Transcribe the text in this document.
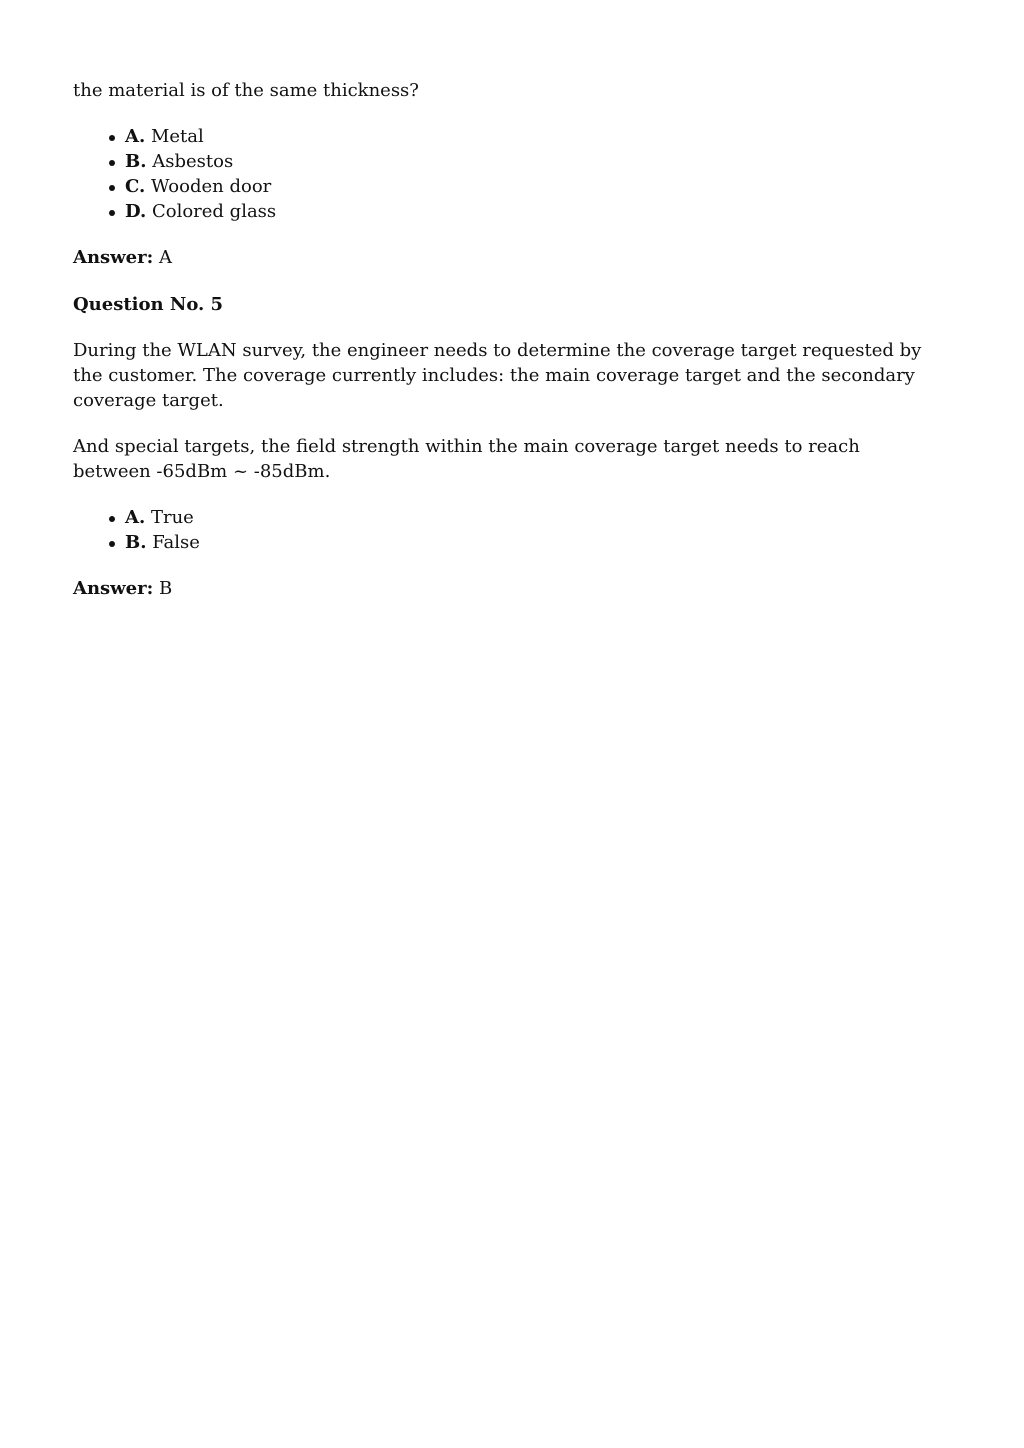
the material is of the same thickness?

A. Metal
B. Asbestos
C. Wooden door
D. Colored glass

Answer: A

Question No. 5

During the WLAN survey, the engineer needs to determine the coverage target requested by the customer. The coverage currently includes: the main coverage target and the secondary coverage target.

And special targets, the field strength within the main coverage target needs to reach between -65dBm ~ -85dBm.

A. True
B. False

Answer: B
